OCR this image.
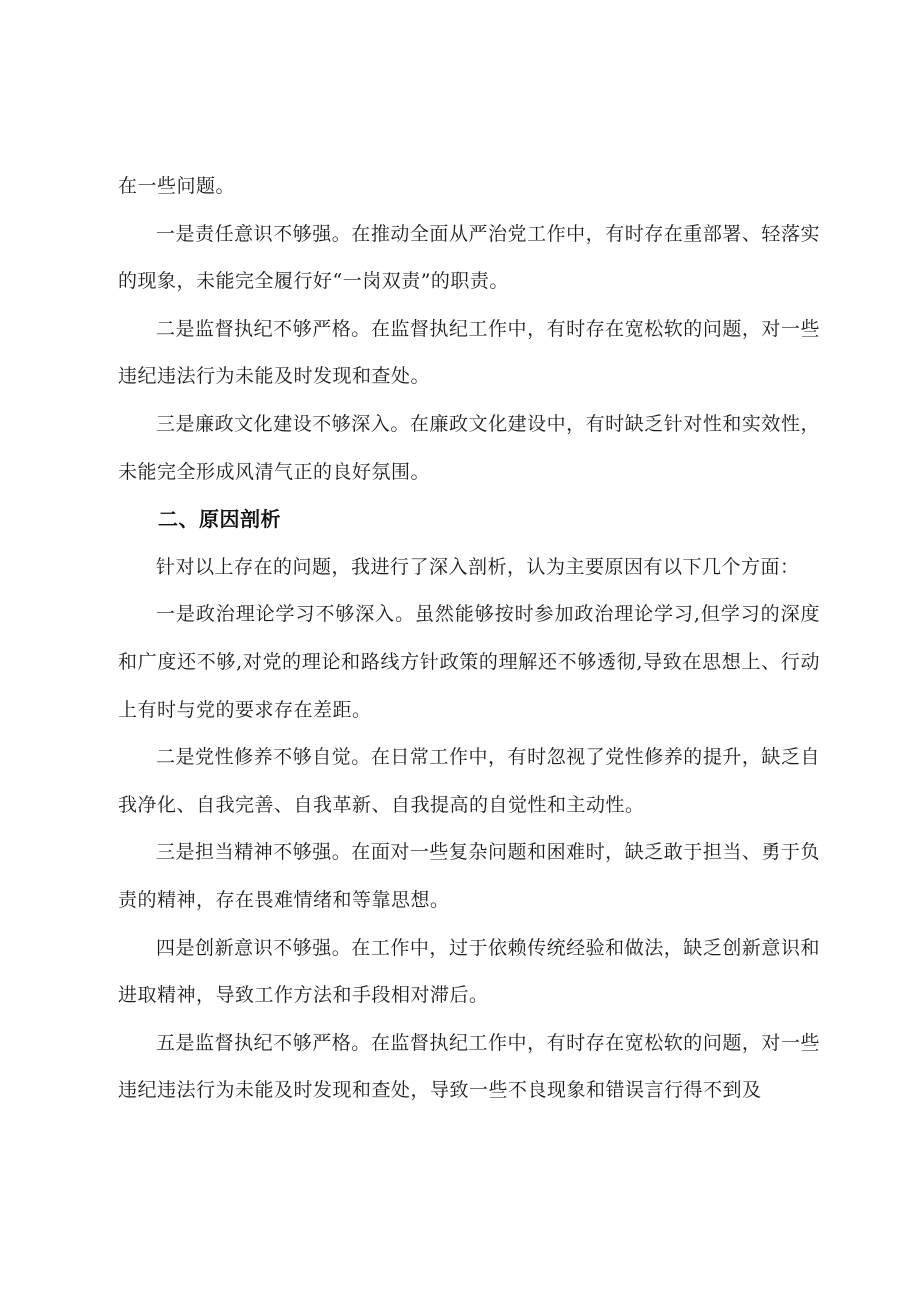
在一些问题。

一是责任意识不够强。在推动全面从严治党工作中，有时存在重部署、轻落实的现象，未能完全履行好“一岗双责”的职责。

二是监督执纪不够严格。在监督执纪工作中，有时存在宽松软的问题，对一些违纪违法行为未能及时发现和查处。

三是廉政文化建设不够深入。在廉政文化建设中，有时缺乏针对性和实效性，未能完全形成风清气正的良好氛围。

二、原因剖析

针对以上存在的问题，我进行了深入剖析，认为主要原因有以下几个方面：

一是政治理论学习不够深入。虽然能够按时参加政治理论学习,但学习的深度和广度还不够,对党的理论和路线方针政策的理解还不够透彻,导致在思想上、行动上有时与党的要求存在差距。

二是党性修养不够自觉。在日常工作中，有时忽视了党性修养的提升，缺乏自我净化、自我完善、自我革新、自我提高的自觉性和主动性。

三是担当精神不够强。在面对一些复杂问题和困难时，缺乏敢于担当、勇于负责的精神，存在畏难情绪和等靠思想。

四是创新意识不够强。在工作中，过于依赖传统经验和做法，缺乏创新意识和进取精神，导致工作方法和手段相对滞后。

五是监督执纪不够严格。在监督执纪工作中，有时存在宽松软的问题，对一些违纪违法行为未能及时发现和查处，导致一些不良现象和错误言行得不到及
